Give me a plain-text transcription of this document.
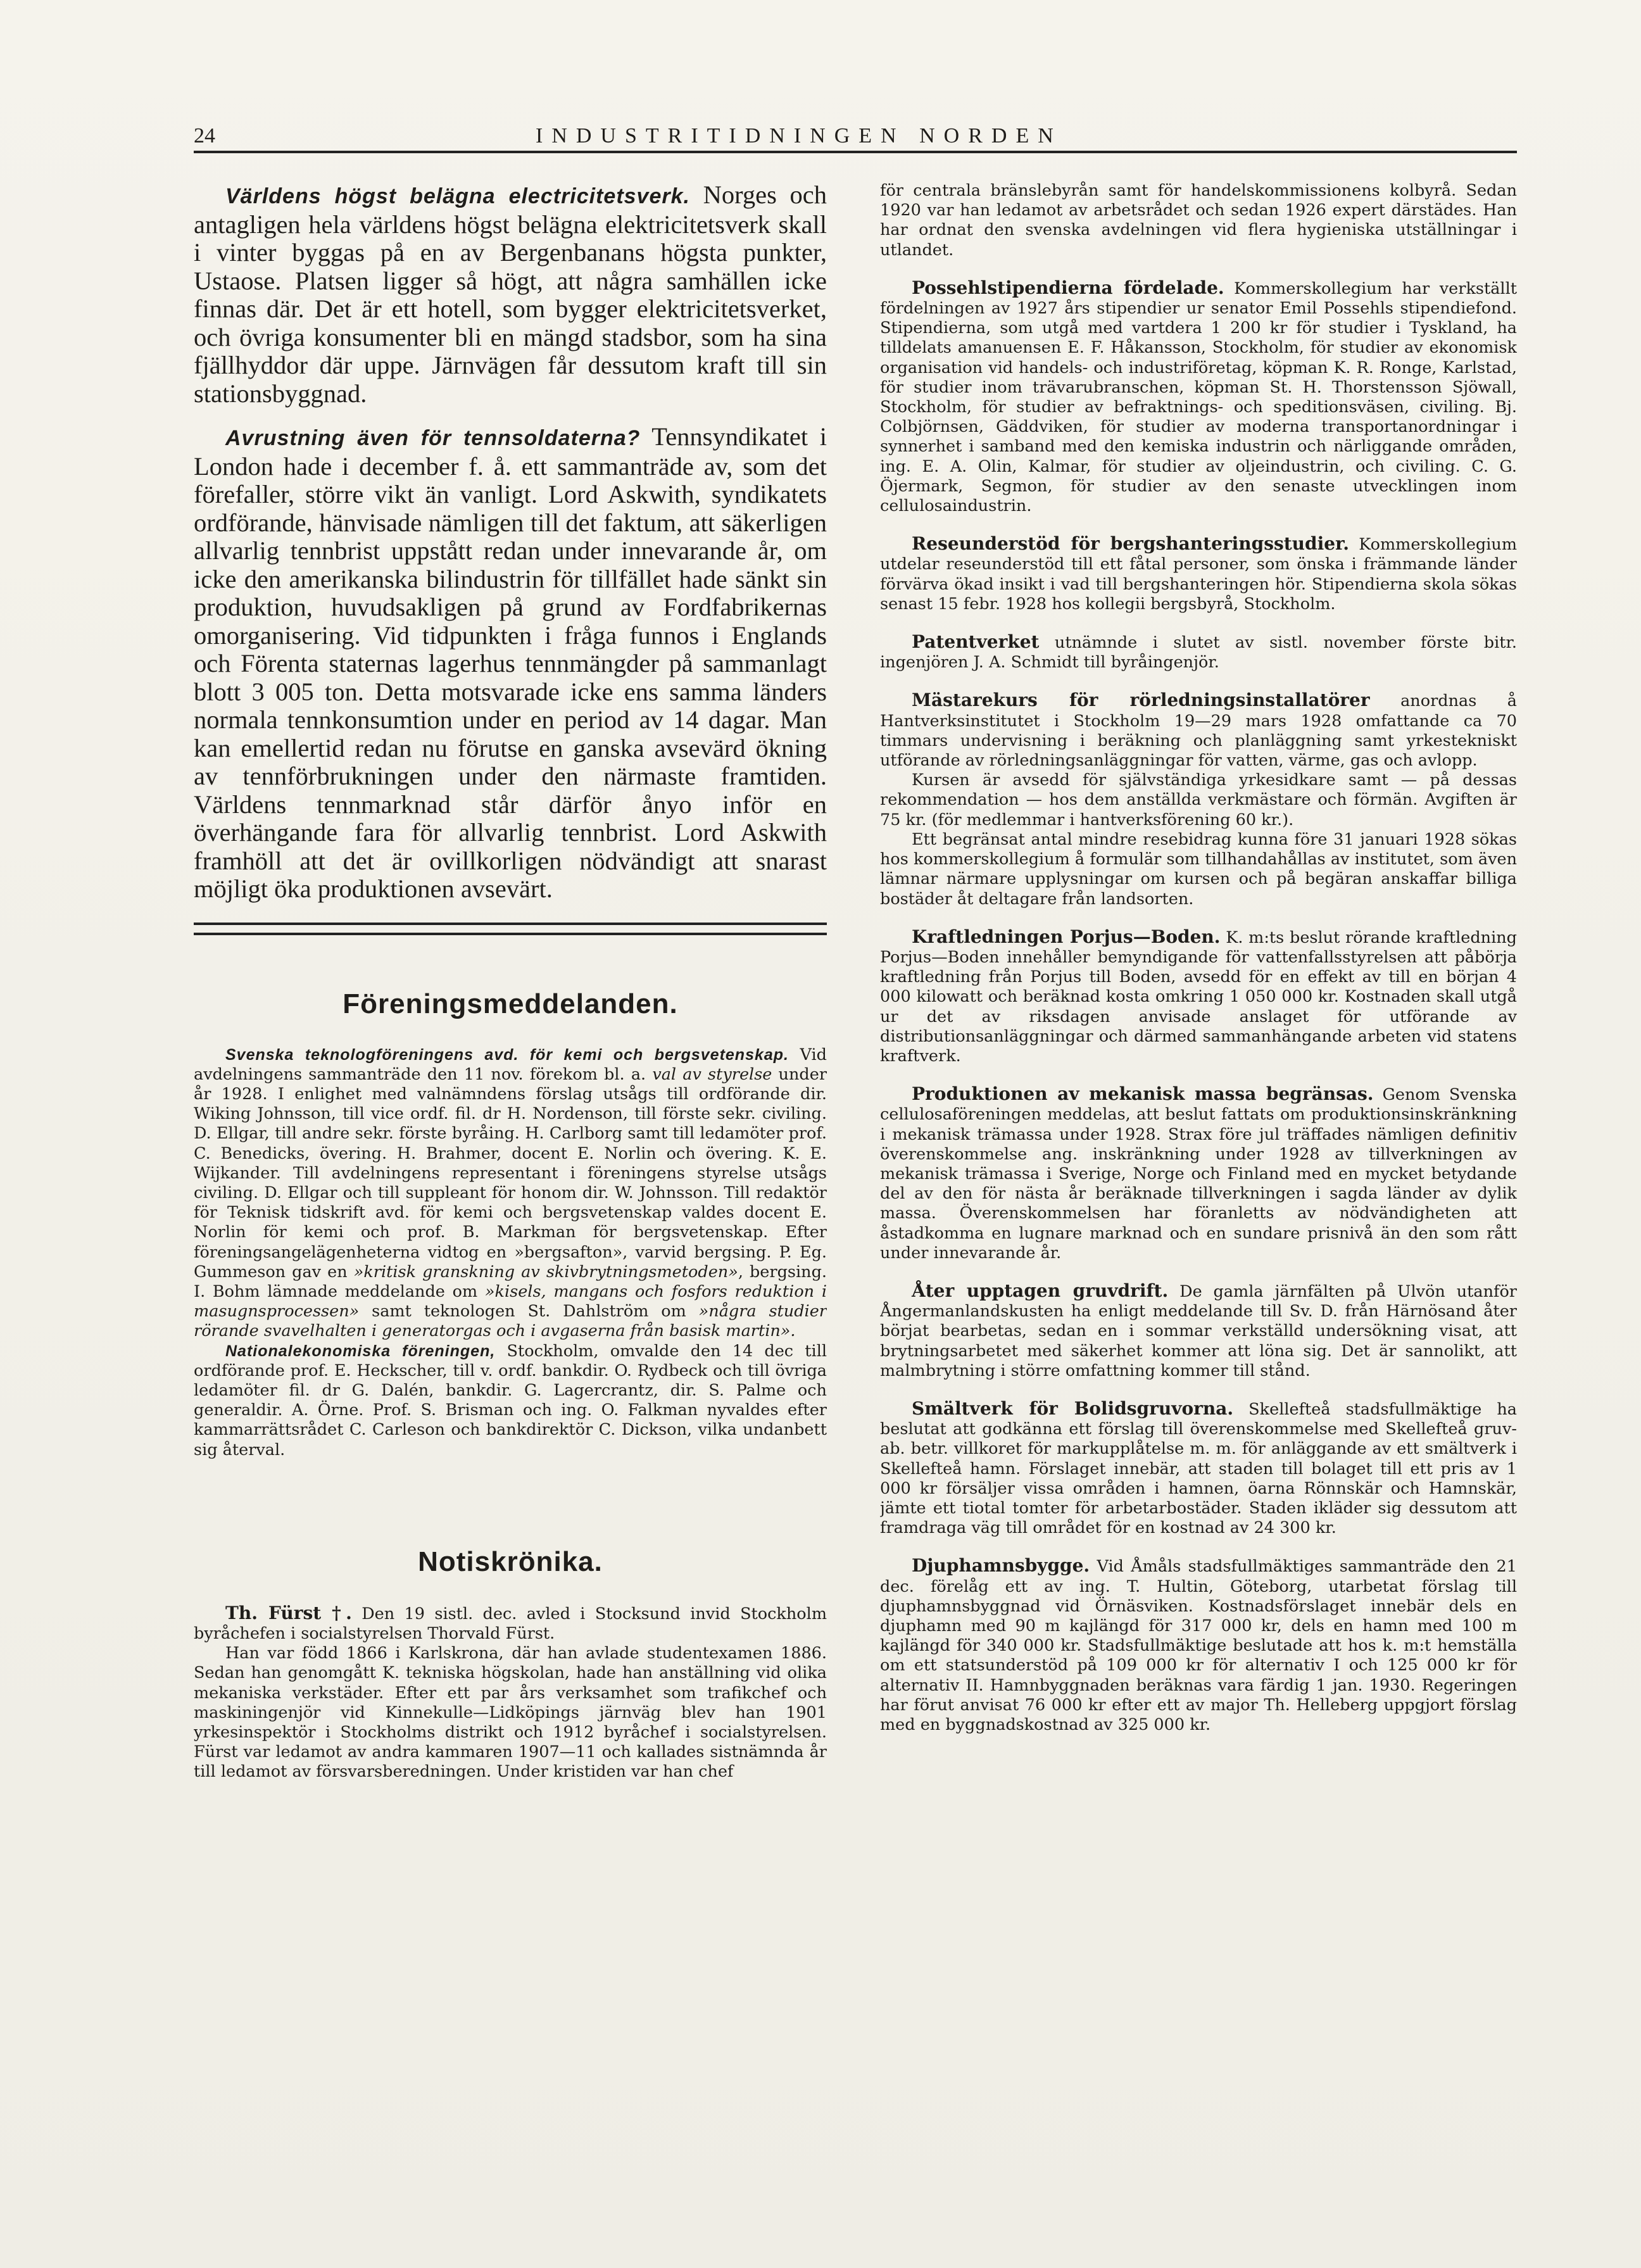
24	INDUSTRITIDNINGEN NORDEN

Världens högst belägna electricitetsverk. Norges och antagligen hela världens högst belägna elektricitetsverk skall i vinter byggas på en av Bergenbanans högsta punkter, Ustaose. Platsen ligger så högt, att några samhällen icke finnas där. Det är ett hotell, som bygger elektricitetsverket, och övriga konsumenter bli en mängd stadsbor, som ha sina fjällhyddor där uppe. Järnvägen får dessutom kraft till sin stationsbyggnad.

Avrustning även för tennsoldaterna? Tennsyndikatet i London hade i december f. å. ett sammanträde av, som det förefaller, större vikt än vanligt. Lord Askwith, syndikatets ordförande, hänvisade nämligen till det faktum, att säkerligen allvarlig tennbrist uppstått redan under innevarande år, om icke den amerikanska bilindustrin för tillfället hade sänkt sin produktion, huvudsakligen på grund av Fordfabrikernas omorganisering. Vid tidpunkten i fråga funnos i Englands och Förenta staternas lagerhus tennmängder på sammanlagt blott 3 005 ton. Detta motsvarade icke ens samma länders normala tennkonsumtion under en period av 14 dagar. Man kan emellertid redan nu förutse en ganska avsevärd ökning av tennförbrukningen under den närmaste framtiden. Världens tennmarknad står därför ånyo inför en överhängande fara för allvarlig tennbrist. Lord Askwith framhöll att det är ovillkorligen nödvändigt att snarast möjligt öka produktionen avsevärt.

Föreningsmeddelanden.

Svenska teknologföreningens avd. för kemi och bergsvetenskap. Vid avdelningens sammanträde den 11 nov. förekom bl. a. val av styrelse under år 1928. I enlighet med valnämndens förslag utsågs till ordförande dir. Wiking Johnsson, till vice ordf. fil. dr H. Nordenson, till förste sekr. civiling. D. Ellgar, till andre sekr. förste byråing. H. Carlborg samt till ledamöter prof. C. Benedicks, övering. H. Brahmer, docent E. Norlin och övering. K. E. Wijkander. Till avdelningens representant i föreningens styrelse utsågs civiling. D. Ellgar och till suppleant för honom dir. W. Johnsson. Till redaktör för Teknisk tidskrift avd. för kemi och bergsvetenskap valdes docent E. Norlin för kemi och prof. B. Markman för bergsvetenskap. Efter föreningsangelägenheterna vidtog en »bergsafton», varvid bergsing. P. Eg. Gummeson gav en »kritisk granskning av skivbrytningsmetoden», bergsing. I. Bohm lämnade meddelande om »kisels, mangans och fosfors reduktion i masugnsprocessen» samt teknologen St. Dahlström om »några studier rörande svavelhalten i generatorgas och i avgaserna från basisk martin».

Nationalekonomiska föreningen, Stockholm, omvalde den 14 dec till ordförande prof. E. Heckscher, till v. ordf. bankdir. O. Rydbeck och till övriga ledamöter fil. dr G. Dalén, bankdir. G. Lagercrantz, dir. S. Palme och generaldir. A. Örne. Prof. S. Brisman och ing. O. Falkman nyvaldes efter kammarrättsrådet C. Carleson och bankdirektör C. Dickson, vilka undanbett sig återval.

Notiskrönika.

Th. Fürst †. Den 19 sistl. dec. avled i Stocksund invid Stockholm byråchefen i socialstyrelsen Thorvald Fürst.

Han var född 1866 i Karlskrona, där han avlade studentexamen 1886. Sedan han genomgått K. tekniska högskolan, hade han anställning vid olika mekaniska verkstäder. Efter ett par års verksamhet som trafikchef och maskiningenjör vid Kinnekulle—Lidköpings järnväg blev han 1901 yrkesinspektör i Stockholms distrikt och 1912 byråchef i socialstyrelsen. Fürst var ledamot av andra kammaren 1907—11 och kallades sistnämnda år till ledamot av försvarsberedningen. Under kristiden var han chef

för centrala bränslebyrån samt för handelskommissionens kolbyrå. Sedan 1920 var han ledamot av arbetsrådet och sedan 1926 expert därstädes. Han har ordnat den svenska avdelningen vid flera hygieniska utställningar i utlandet.

Possehlstipendierna fördelade. Kommerskollegium har verkställt fördelningen av 1927 års stipendier ur senator Emil Possehls stipendiefond. Stipendierna, som utgå med vartdera 1 200 kr för studier i Tyskland, ha tilldelats amanuensen E. F. Håkansson, Stockholm, för studier av ekonomisk organisation vid handels- och industriföretag, köpman K. R. Ronge, Karlstad, för studier inom trävarubranschen, köpman St. H. Thorstensson Sjöwall, Stockholm, för studier av befraktnings- och speditionsväsen, civiling. Bj. Colbjörnsen, Gäddviken, för studier av moderna transportanordningar i synnerhet i samband med den kemiska industrin och närliggande områden, ing. E. A. Olin, Kalmar, för studier av oljeindustrin, och civiling. C. G. Öjermark, Segmon, för studier av den senaste utvecklingen inom cellulosaindustrin.

Reseunderstöd för bergshanteringsstudier. Kommerskollegium utdelar reseunderstöd till ett fåtal personer, som önska i främmande länder förvärva ökad insikt i vad till bergshanteringen hör. Stipendierna skola sökas senast 15 febr. 1928 hos kollegii bergsbyrå, Stockholm.

Patentverket utnämnde i slutet av sistl. november förste bitr. ingenjören J. A. Schmidt till byråingenjör.

Mästarekurs för rörledningsinstallatörer anordnas å Hantverksinstitutet i Stockholm 19—29 mars 1928 omfattande ca 70 timmars undervisning i beräkning och planläggning samt yrkestekniskt utförande av rörledningsanläggningar för vatten, värme, gas och avlopp.

Kursen är avsedd för självständiga yrkesidkare samt — på dessas rekommendation — hos dem anställda verkmästare och förmän. Avgiften är 75 kr. (för medlemmar i hantverksförening 60 kr.).

Ett begränsat antal mindre resebidrag kunna före 31 januari 1928 sökas hos kommerskollegium å formulär som tillhandahållas av institutet, som även lämnar närmare upplysningar om kursen och på begäran anskaffar billiga bostäder åt deltagare från landsorten.

Kraftledningen Porjus—Boden. K. m:ts beslut rörande kraftledning Porjus—Boden innehåller bemyndigande för vattenfallsstyrelsen att påbörja kraftledning från Porjus till Boden, avsedd för en effekt av till en början 4 000 kilowatt och beräknad kosta omkring 1 050 000 kr. Kostnaden skall utgå ur det av riksdagen anvisade anslaget för utförande av distributionsanläggningar och därmed sammanhängande arbeten vid statens kraftverk.

Produktionen av mekanisk massa begränsas. Genom Svenska cellulosaföreningen meddelas, att beslut fattats om produktionsinskränkning i mekanisk trämassa under 1928. Strax före jul träffades nämligen definitiv överenskommelse ang. inskränkning under 1928 av tillverkningen av mekanisk trämassa i Sverige, Norge och Finland med en mycket betydande del av den för nästa år beräknade tillverkningen i sagda länder av dylik massa. Överenskommelsen har föranletts av nödvändigheten att åstadkomma en lugnare marknad och en sundare prisnivå än den som rått under innevarande år.

Åter upptagen gruvdrift. De gamla järnfälten på Ulvön utanför Ångermanlandskusten ha enligt meddelande till Sv. D. från Härnösand åter börjat bearbetas, sedan en i sommar verkställd undersökning visat, att brytningsarbetet med säkerhet kommer att löna sig. Det är sannolikt, att malmbrytning i större omfattning kommer till stånd.

Smältverk för Bolidsgruvorna. Skellefteå stadsfullmäktige ha beslutat att godkänna ett förslag till överenskommelse med Skellefteå gruv-ab. betr. villkoret för markupplåtelse m. m. för anläggande av ett smältverk i Skellefteå hamn. Förslaget innebär, att staden till bolaget till ett pris av 1 000 kr försäljer vissa områden i hamnen, öarna Rönnskär och Hamnskär, jämte ett tiotal tomter för arbetarbostäder. Staden ikläder sig dessutom att framdraga väg till området för en kostnad av 24 300 kr.

Djuphamnsbygge. Vid Åmåls stadsfullmäktiges sammanträde den 21 dec. förelåg ett av ing. T. Hultin, Göteborg, utarbetat förslag till djuphamnsbyggnad vid Örnäsviken. Kostnadsförslaget innebär dels en djuphamn med 90 m kajlängd för 317 000 kr, dels en hamn med 100 m kajlängd för 340 000 kr. Stadsfullmäktige beslutade att hos k. m:t hemställa om ett statsunderstöd på 109 000 kr för alternativ I och 125 000 kr för alternativ II. Hamnbyggnaden beräknas vara färdig 1 jan. 1930. Regeringen har förut anvisat 76 000 kr efter ett av major Th. Helleberg uppgjort förslag med en byggnadskostnad av 325 000 kr.
